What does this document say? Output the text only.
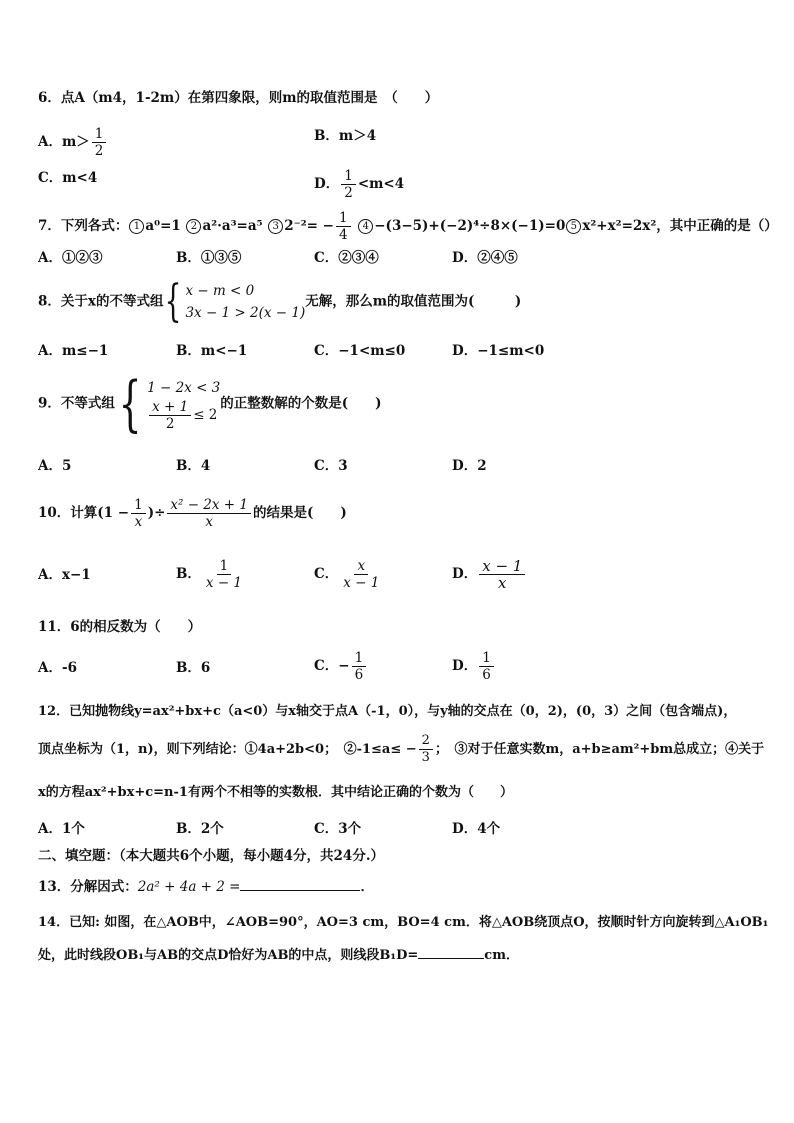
6．点A（m4，1-2m）在第四象限，则m的取值范围是　（　　）
A．$m> \frac{1}{2}$	B．m＞4
C．m<4	D． $\frac{1}{2} <m<4$
7．下列各式： 1 a⁰=1 2 a²·a³=a⁵ 3 $2^{-2}= - \frac{1}{4} 4 -(3-5)+(-2)^4\div 8\times(-1)=0$ 5 x²+x²=2x²，其中正确的是（）
A．①②③	B．①③⑤	C．②③④	D．②④⑤
8．关于x的不等式组 { x − m < 0
3x − 1 > 2(x − 1)
无解，那么m的取值范围为(　　　)
A．m≤−1	B．m<−1	C．−1<m≤0	D．−1≤m<0
9．不等式组 { 1 − 2x < 3
$\frac{x + 1}{2} \le 2$
的正整数解的个数是(　　)
A．5	B．4	C．3	D．2
10．计算($1 - \frac{1}{x}$ )÷ $\frac{\text{x² − 2x + 1}}{x}$ 的结果是(　　)
A．x−1	B． $\frac{1}{x - 1}$	C． $\frac{x}{x - 1}$	D． $\frac{x - 1}{x}$
11．6的相反数为（　　）
A．-6	B．6	C．− $\frac{1}{6}$	D． $\frac{1}{6}$
12．已知抛物线y=ax²+bx+c（a<0）与x轴交于点A（-1，0），与y轴的交点在（0，2)，(0，3）之间（包含端点)，
顶点坐标为（1，n)，则下列结论：①4a+2b<0；　②-1≤a≤ − $\frac{2}{3}$ ；　③对于任意实数m，a+b≥am²+bm总成立；④关于
x的方程ax²+bx+c=n-1有两个不相等的实数根．其中结论正确的个数为（　　）
A．1个	B．2个	C．3个	D．4个
二、填空题：（本大题共6个小题，每小题4分，共24分.）
13．分解因式：2a² + 4a + 2 =	．
14．已知: 如图，在△AOB中，∠AOB=90°，AO=3 cm，BO=4 cm．将△AOB绕顶点O，按顺时针方向旋转到△A₁OB₁
处，此时线段OB₁与AB的交点D恰好为AB的中点，则线段B₁D=	cm．
